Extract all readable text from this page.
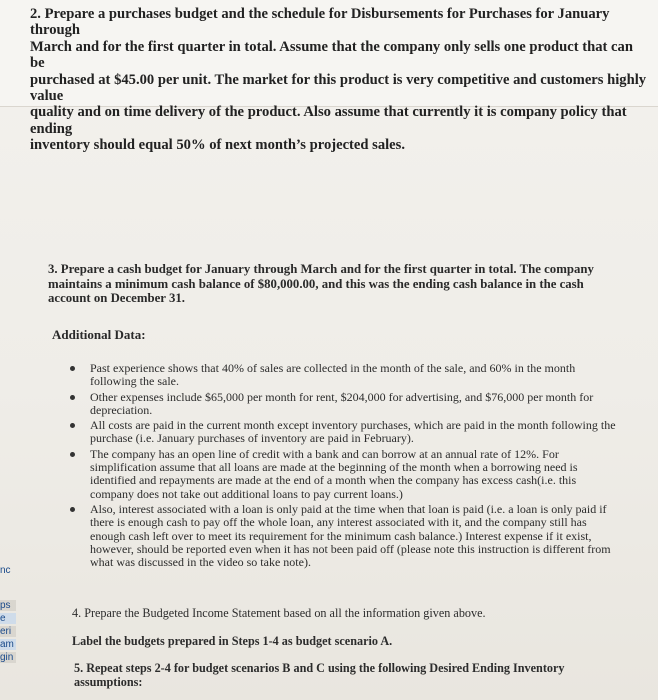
2. Prepare a purchases budget and the schedule for Disbursements for Purchases for January through

March and for the first quarter in total. Assume that the company only sells one product that can be

purchased at $45.00 per unit. The market for this product is very competitive and customers highly value

quality and on time delivery of the product. Also assume that currently it is company policy that ending

inventory should equal 50% of next month’s projected sales.

3. Prepare a cash budget for January through March and for the first quarter in total. The company

maintains a minimum cash balance of $80,000.00, and this was the ending cash balance in the cash

account on December 31.

Additional Data:
Past experience shows that 40% of sales are collected in the month of the sale, and 60% in the month following the sale.
Other expenses include $65,000 per month for rent, $204,000 for advertising, and $76,000 per month for depreciation.
All costs are paid in the current month except inventory purchases, which are paid in the month following the purchase (i.e. January purchases of inventory are paid in February).
The company has an open line of credit with a bank and can borrow at an annual rate of 12%. For simplification assume that all loans are made at the beginning of the month when a borrowing need is identified and repayments are made at the end of a month when the company has excess cash(i.e. this company does not take out additional loans to pay current loans.)
Also, interest associated with a loan is only paid at the time when that loan is paid (i.e. a loan is only paid if there is enough cash to pay off the whole loan, any interest associated with it, and the company still has enough cash left over to meet its requirement for the minimum cash balance.) Interest expense if it exist, however, should be reported even when it has not been paid off (please note this instruction is different from what was discussed in the video so take note).
4. Prepare the Budgeted Income Statement based on all the information given above.
Label the budgets prepared in Steps 1-4 as budget scenario A.
5. Repeat steps 2-4 for budget scenarios B and C using the following Desired Ending Inventory assumptions:
nc
ps
e
eri
am
gin
